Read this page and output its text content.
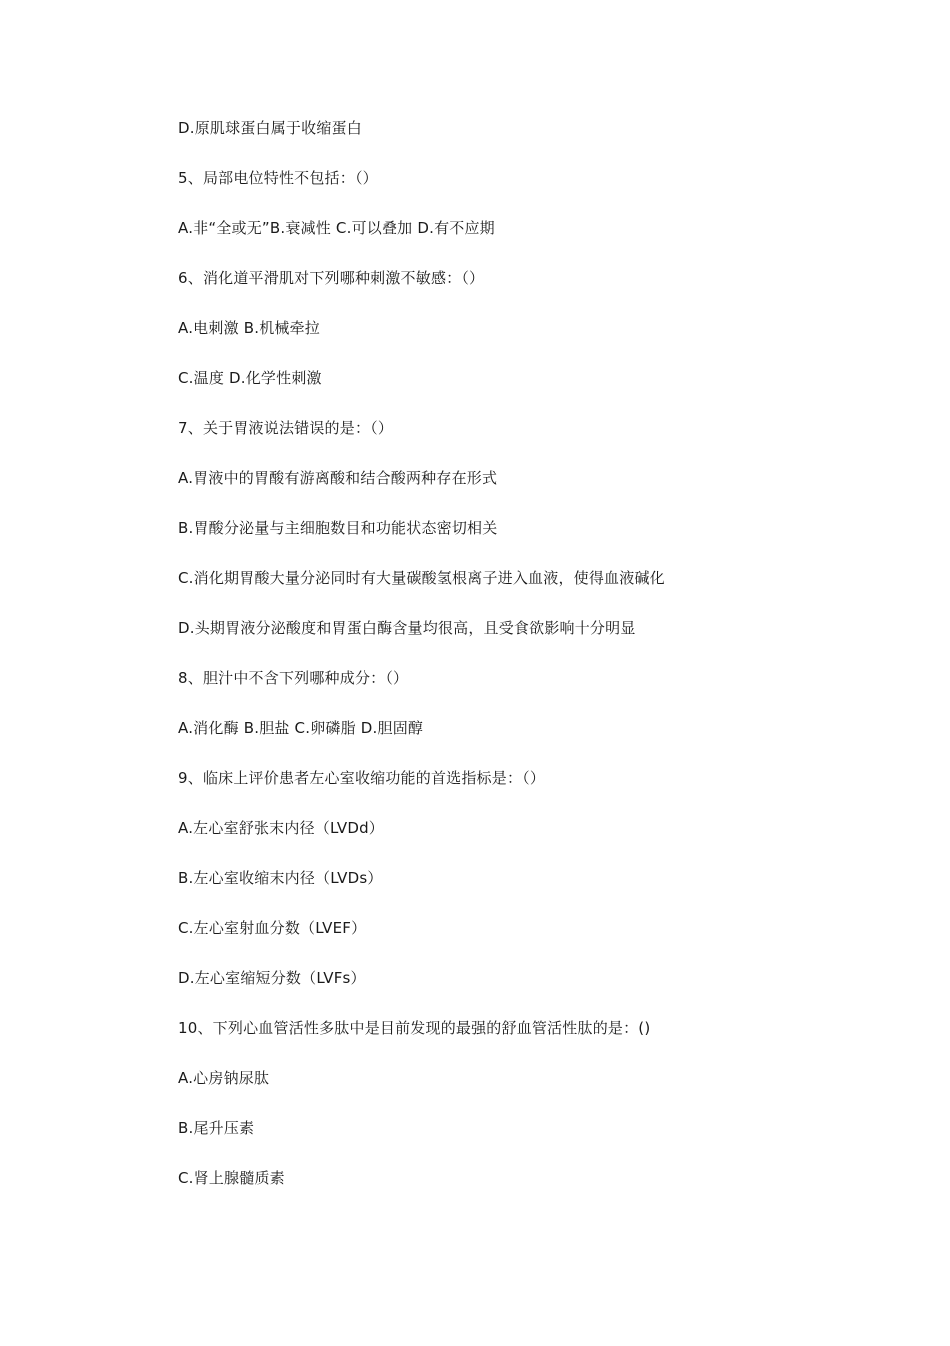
D.原肌球蛋白属于收缩蛋白
5、局部电位特性不包括：（）
A.非“全或无”B.衰减性 C.可以叠加 D.有不应期
6、消化道平滑肌对下列哪种刺激不敏感：（）
A.电刺激 B.机械牵拉
C.温度 D.化学性刺激
7、关于胃液说法错误的是：（）
A.胃液中的胃酸有游离酸和结合酸两种存在形式
B.胃酸分泌量与主细胞数目和功能状态密切相关
C.消化期胃酸大量分泌同时有大量碳酸氢根离子进入血液，使得血液碱化
D.头期胃液分泌酸度和胃蛋白酶含量均很高，且受食欲影响十分明显
8、胆汁中不含下列哪种成分：（）
A.消化酶 B.胆盐 C.卵磷脂 D.胆固醇
9、临床上评价患者左心室收缩功能的首选指标是：（）
A.左心室舒张末内径（LVDd）
B.左心室收缩末内径（LVDs）
C.左心室射血分数（LVEF）
D.左心室缩短分数（LVFs）
10、下列心血管活性多肽中是目前发现的最强的舒血管活性肽的是：()
A.心房钠尿肽
B.尾升压素
C.肾上腺髓质素
